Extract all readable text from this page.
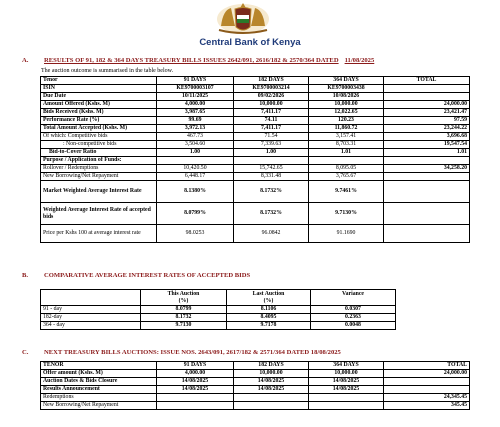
Central Bank of Kenya
A. RESULTS OF 91, 182 & 364 DAYS TREASURY BILLS ISSUES 2642/091, 2616/182 & 2570/364 DATED 11/08/2025
The auction outcome is summarised in the table below.
Tenor	91 DAYS	182 DAYS	364 DAYS	TOTAL
ISIN	KE9700003107	KE9700003214	KE9700003438	
Due Date	10/11/2025	09/02/2026	10/08/2026	
Amount Offered (Kshs. M)	4,000.00	10,000.00	10,000.00	24,000.00
Bids Received (Kshs. M)	3,987.65	7,411.17	12,022.65	23,421.47
Performance Rate (%)	99.69	74.11	120.23	97.59
Total Amount Accepted (Kshs. M)	3,972.13	7,411.17	11,860.72	23,244.22
Of which: Competitive bids	467.73	71.54	3,157.41	3,696.68
: Non-competitive bids	3,504.60	7,339.63	8,703.31	19,547.54
Bid-to-Cover Ratio	1.00	1.00	1.01	1.01
Purpose / Application of Funds:				
Rollover / Redemptions	10,420.50	15,742.65	8,095.05	34,258.20
New Borrowing/Net Repayment	6,448.17	8,331.48	3,765.67	
Market Weighted Average Interest Rate	8.1380%	8.1732%	9.7461%	
Weighted Average Interest Rate of accepted bids	8.0799%	8.1732%	9.7130%	
Price per Kshs 100 at average interest rate	98.0253	96.0842	91.1690	
B. COMPARATIVE AVERAGE INTEREST RATES OF ACCEPTED BIDS
	This Auction	Last Auction	Variance
	(%)	(%)	
91 - day	8.0799	8.1106	0.0307
182-day	8.1732	8.4095	0.2363
364 - day	9.7130	9.7178	0.0048
C. NEXT TREASURY BILLS AUCTIONS: ISSUE NOS. 2643/091, 2617/182 & 2571/364 DATED 18/08/2025
TENOR	91 DAYS	182 DAYS	364 DAYS	TOTAL
Offer amount (Kshs. M)	4,000.00	10,000.00	10,000.00	24,000.00
Auction Dates & Bids Closure	14/08/2025	14/08/2025	14/08/2025	
Results Announcement	14/08/2025	14/08/2025	14/08/2025	
Redemptions				24,345.45
New Borrowing/Net Repayment				345.45
